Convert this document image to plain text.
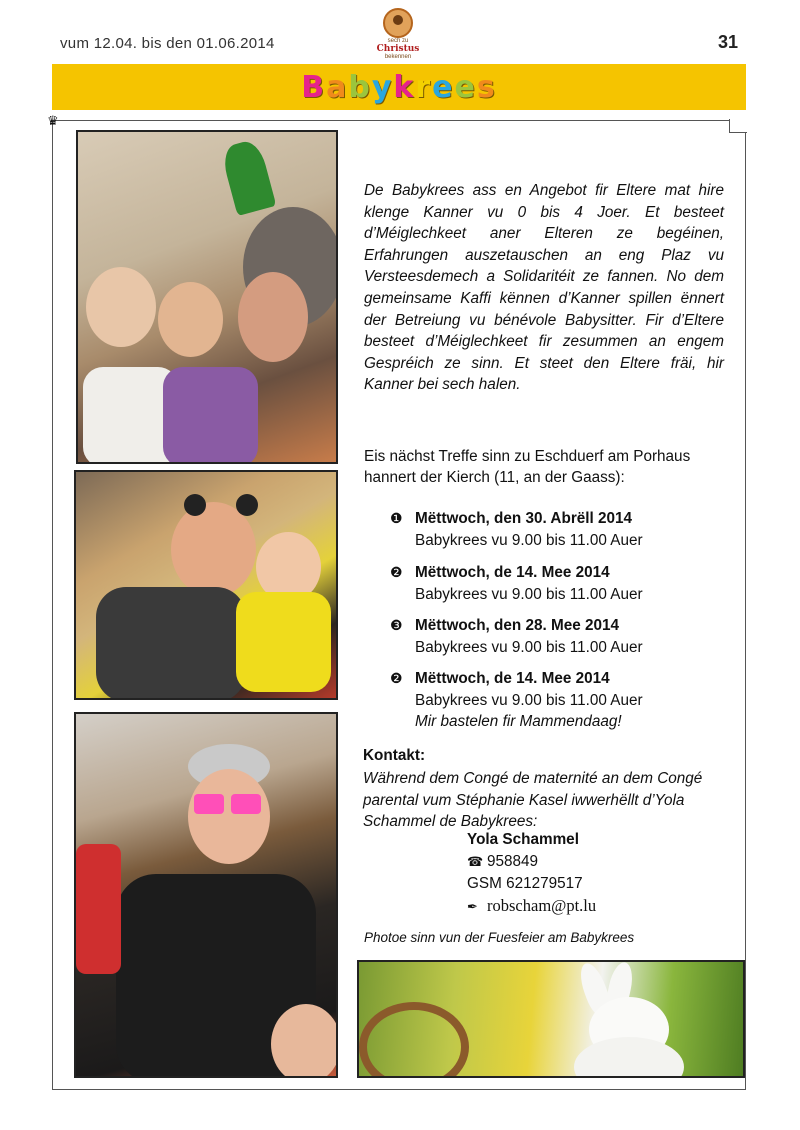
vum 12.04. bis den 01.06.2014	sech zu
Christus
bekennen
31
Babykrees
♛
De Babykrees ass en Angebot fir Eltere mat hire klenge Kanner vu 0 bis 4 Joer. Et besteet d’Méiglechkeet aner Elteren ze begéinen, Erfahrungen auszetauschen an eng Plaz vu Versteesdemech a Solidaritéit ze fannen. No dem gemeinsame Kaffi kënnen d’Kanner spillen ënnert der Betreiung vu bénévole Babysitter. Fir d’Eltere besteet d’Méiglechkeet fir zesummen an engem Gespréich ze sinn. Et steet den Eltere fräi, hir Kanner bei sech halen.
Eis nächst Treffe sinn zu Eschduerf am Porhaus hannert der Kierch (11, an der Gaass):
❶ Mëttwoch, den 30. Abrëll 2014
Babykrees vu 9.00 bis 11.00 Auer
❷ Mëttwoch, de 14. Mee 2014
Babykrees vu 9.00 bis 11.00 Auer
❸ Mëttwoch, den 28. Mee 2014
Babykrees vu 9.00 bis 11.00 Auer
❷ Mëttwoch, de 14. Mee 2014
Babykrees vu 9.00 bis 11.00 Auer
Mir bastelen fir Mammendaag!
Kontakt:
Während dem Congé de maternité an dem Congé parental vum Stéphanie Kasel iwwerhëllt d’Yola Schammel de Babykrees:
Yola Schammel
☎ 958849
GSM 621279517
✒ robscham@pt.lu
Photoe sinn vun der Fuesfeier am Babykrees
